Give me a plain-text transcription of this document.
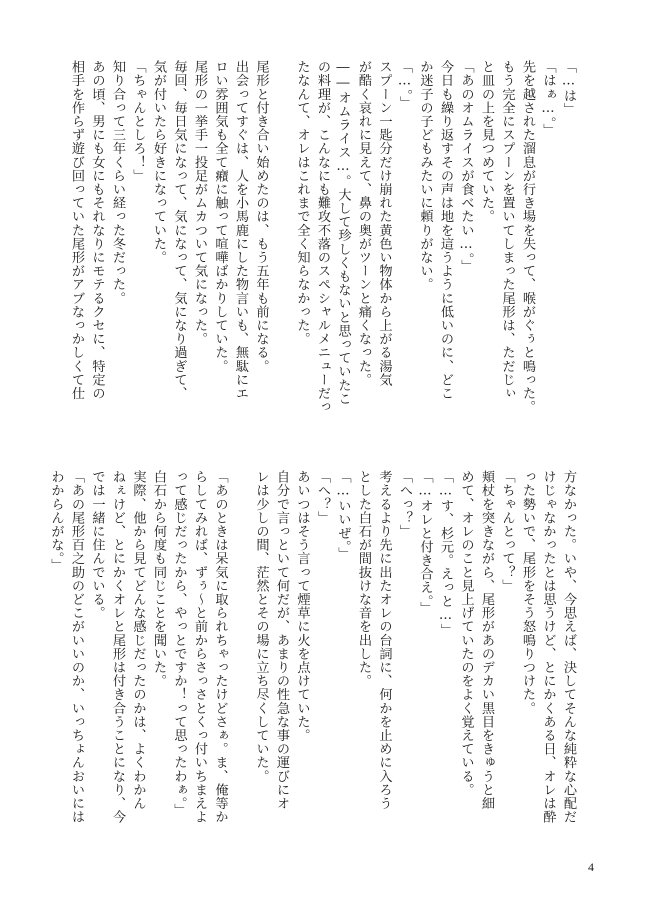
「…は」
「はぁ…。」
先を越された溜息が行き場を失って、喉がぐぅと鳴った。
もう完全にスプーンを置いてしまった尾形は、ただじぃ
と皿の上を見つめていた。
「あのオムライスが食べたい…。」
今日も繰り返すその声は地を這うように低いのに、どこ
か迷子の子どもみたいに頼りがない。
「…。」
スプーン一匙分だけ崩れた黄色い物体から上がる湯気
が酷く哀れに見えて、鼻の奥がツーンと痛くなった。
――オムライス…。大して珍しくもないと思っていたこ
の料理が、こんなにも難攻不落のスペシャルメニューだっ
たなんて、オレはこれまで全く知らなかった。

尾形と付き合い始めたのは、もう五年も前になる。
出会ってすぐは、人を小馬鹿にした物言いも、無駄にエ
ロい雰囲気も全て癪に触って喧嘩ばかりしていた。
尾形の一挙手一投足がムカついて気になった。
毎回、毎日気になって、気になって、気になり過ぎて、
気が付いたら好きになっていた。
「ちゃんとしろ！」
知り合って三年くらい経った冬だった。
あの頃、男にも女にもそれなりにモテるクセに、特定の
相手を作らず遊び回っていた尾形がアブなっかしくて仕
方なかった。いや、今思えば、決してそんな純粋な心配だ
けじゃなかったとは思うけど、とにかくある日、オレは酔
った勢いで、尾形をそう怒鳴りつけた。
「ちゃんとって？」
頬杖を突きながら、尾形があのデカい黒目をきゅうと細
めて、オレのこと見上げていたのをよく覚えている。
「…す、杉元。えっと…」
「…オレと付き合え。」
「へっ？」
考えるより先に出たオレの台詞に、何かを止めに入ろう
とした白石が間抜けな音を出した。
「…いいぜ。」
「へ？」
あいつはそう言って煙草に火を点けていた。
自分で言っといて何だが、あまりの性急な事の運びにオ
レは少しの間、茫然とその場に立ち尽くしていた。

「あのときは呆気に取られちゃったけどさぁ。ま、俺等か
らしてみれば、ずぅ～と前からさっさとくっ付いちまえよ
って感じだったから、やっとですか！って思ったわぁ。」
白石から何度も同じことを聞いた。
実際、他から見てどんな感じだったのかは、よくわかん
ねぇけど、とにかくオレと尾形は付き合うことになり、今
では一緒に住んでいる。
「あの尾形百之助のどこがいいのか、いっちょんおいには
わからんがな。」
4
